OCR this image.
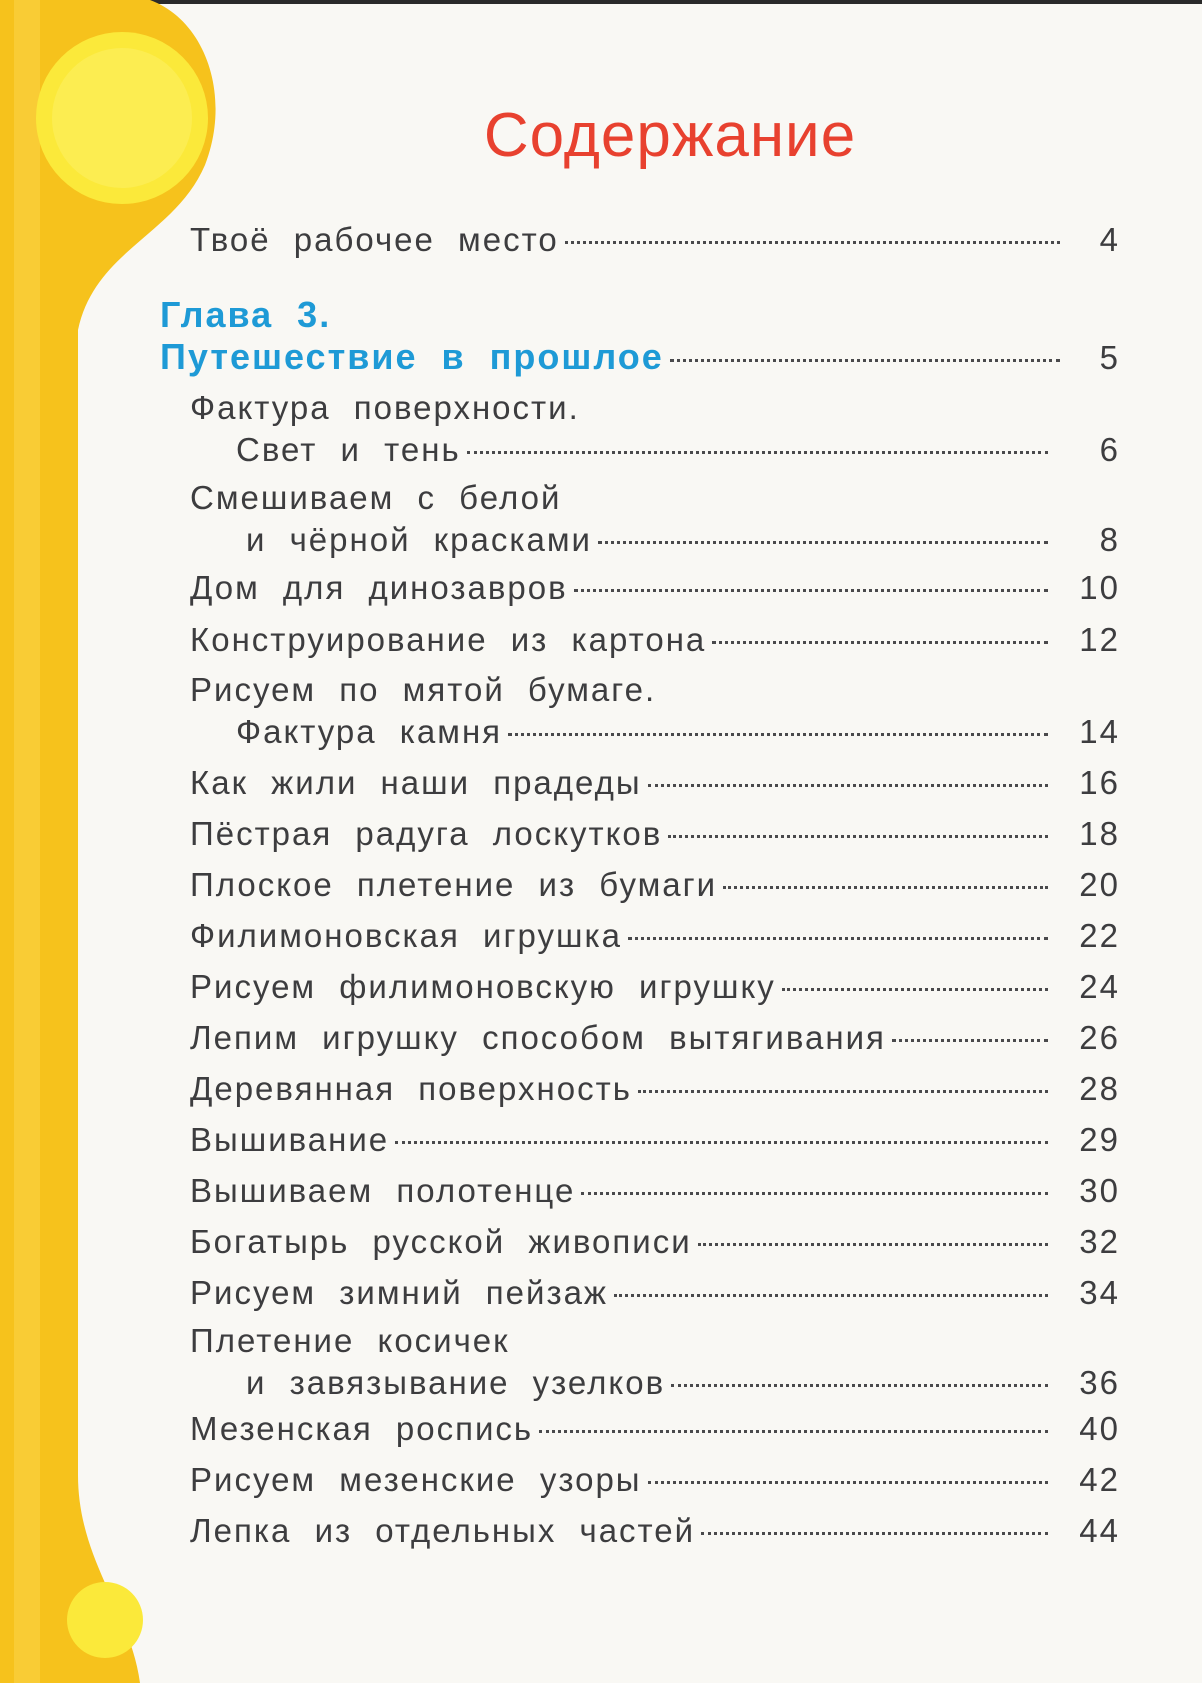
Содержание
Твоё рабочее место	4
Глава 3.
Путешествие в прошлое	5
Фактура поверхности.
Свет и тень	6
Смешиваем с белой
и чёрной красками	8
Дом для динозавров	10
Конструирование из картона	12
Рисуем по мятой бумаге.
Фактура камня	14
Как жили наши прадеды	16
Пёстрая радуга лоскутков	18
Плоское плетение из бумаги	20
Филимоновская игрушка	22
Рисуем филимоновскую игрушку	24
Лепим игрушку способом вытягивания	26
Деревянная поверхность	28
Вышивание	29
Вышиваем полотенце	30
Богатырь русской живописи	32
Рисуем зимний пейзаж	34
Плетение косичек
и завязывание узелков	36
Мезенская роспись	40
Рисуем мезенские узоры	42
Лепка из отдельных частей	44
